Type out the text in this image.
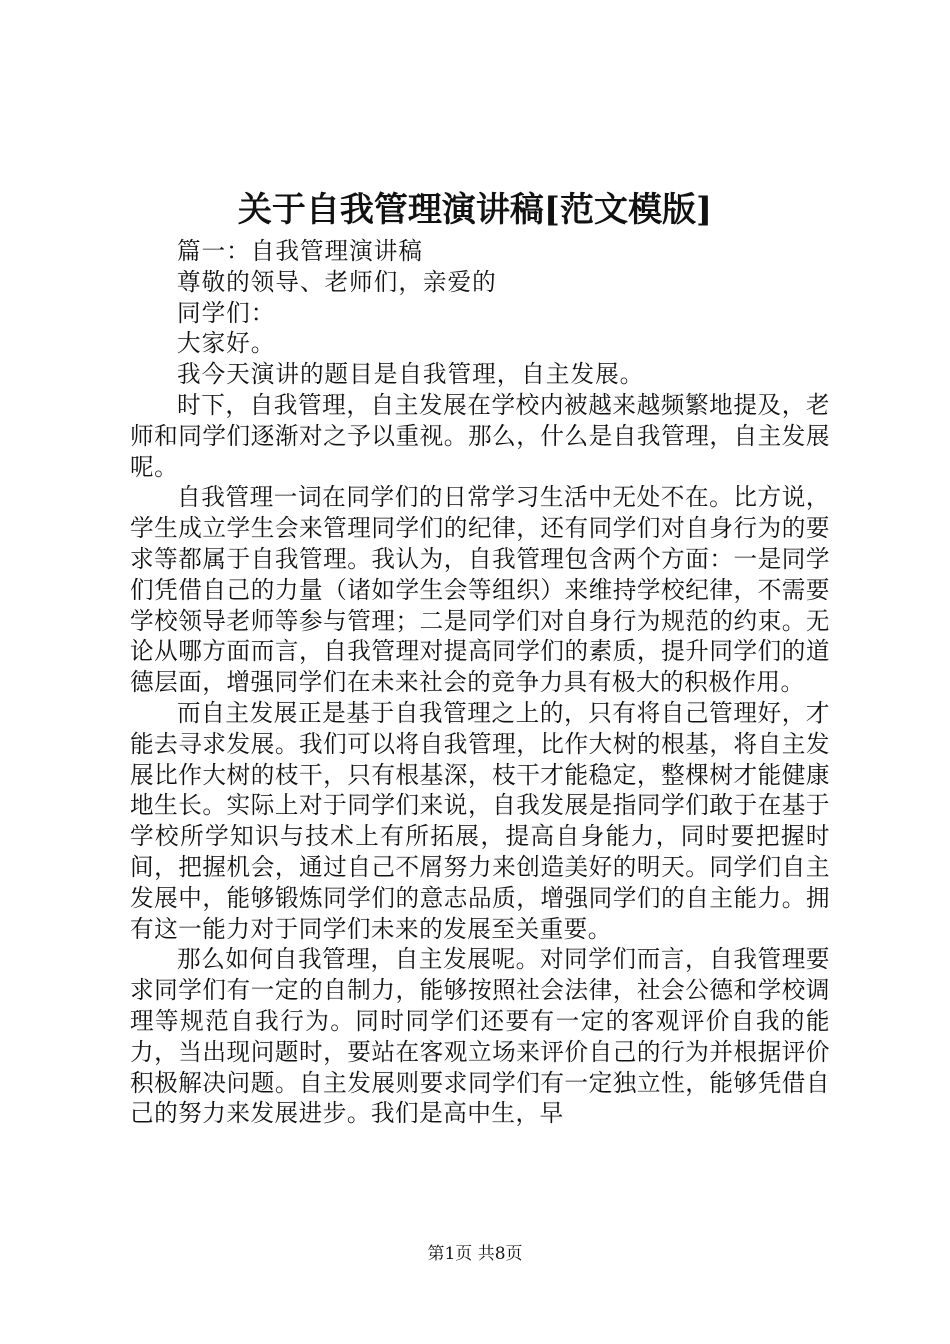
关于自我管理演讲稿[范文模版]
篇一：自我管理演讲稿
尊敬的领导、老师们，亲爱的
同学们：
大家好。
我今天演讲的题目是自我管理，自主发展。
时下，自我管理，自主发展在学校内被越来越频繁地提及，老师和同学们逐渐对之予以重视。那么，什么是自我管理，自主发展呢。
自我管理一词在同学们的日常学习生活中无处不在。比方说，学生成立学生会来管理同学们的纪律，还有同学们对自身行为的要求等都属于自我管理。我认为，自我管理包含两个方面：一是同学们凭借自己的力量（诸如学生会等组织）来维持学校纪律，不需要学校领导老师等参与管理；二是同学们对自身行为规范的约束。无论从哪方面而言，自我管理对提高同学们的素质，提升同学们的道德层面，增强同学们在未来社会的竞争力具有极大的积极作用。
而自主发展正是基于自我管理之上的，只有将自己管理好，才能去寻求发展。我们可以将自我管理，比作大树的根基，将自主发展比作大树的枝干，只有根基深，枝干才能稳定，整棵树才能健康地生长。实际上对于同学们来说，自我发展是指同学们敢于在基于学校所学知识与技术上有所拓展，提高自身能力，同时要把握时间，把握机会，通过自己不屑努力来创造美好的明天。同学们自主发展中，能够锻炼同学们的意志品质，增强同学们的自主能力。拥有这一能力对于同学们未来的发展至关重要。
那么如何自我管理，自主发展呢。对同学们而言，自我管理要求同学们有一定的自制力，能够按照社会法律，社会公德和学校调理等规范自我行为。同时同学们还要有一定的客观评价自我的能力，当出现问题时，要站在客观立场来评价自己的行为并根据评价积极解决问题。自主发展则要求同学们有一定独立性，能够凭借自己的努力来发展进步。我们是高中生，早
第1页 共8页
